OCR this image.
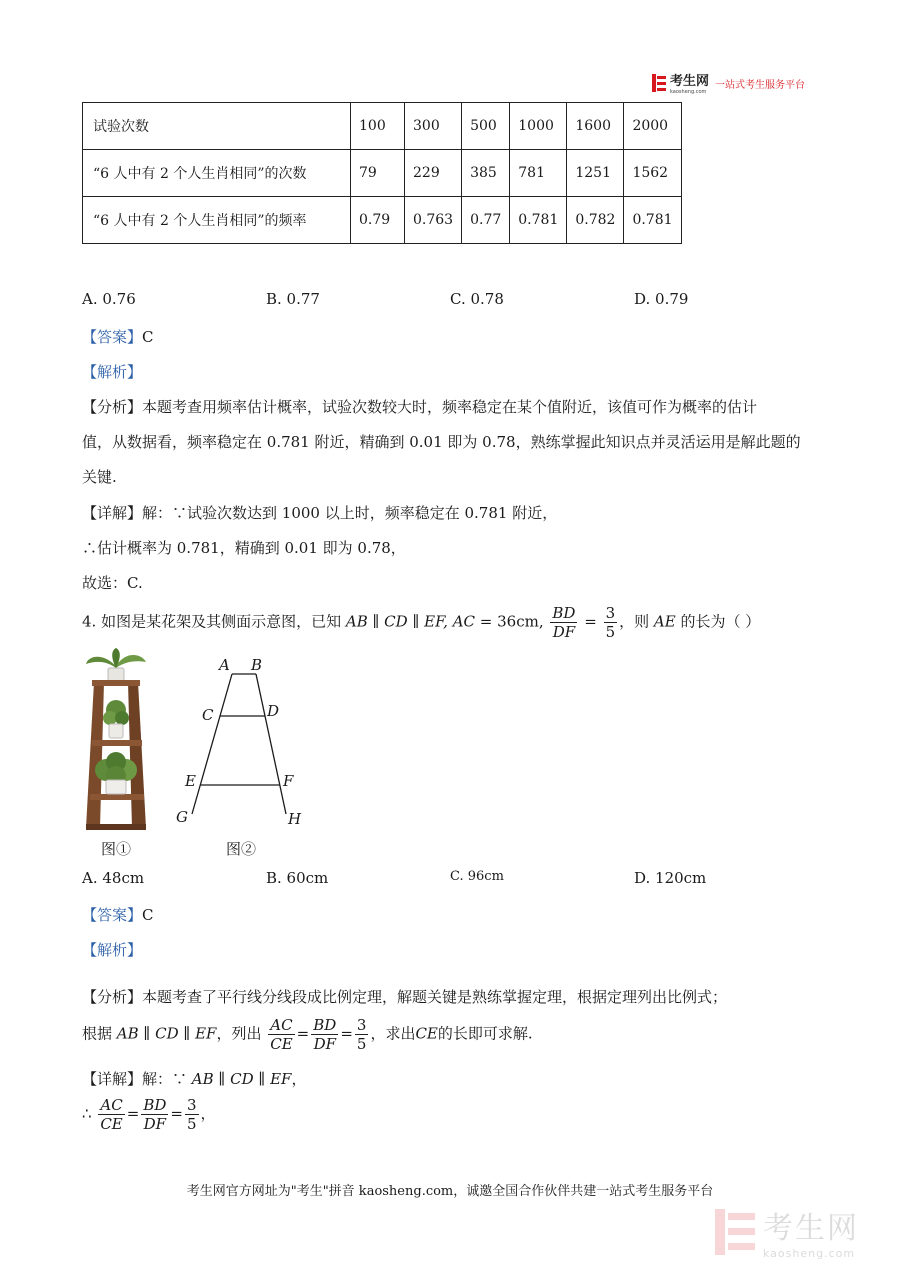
考生网
kaosheng.com
一站式考生服务平台
试验次数	100	300	500	1000	1600	2000
“6 人中有 2 个人生肖相同”的次数	79	229	385	781	1251	1562
“6 人中有 2 个人生肖相同”的频率	0.79	0.763	0.77	0.781	0.782	0.781
A. 0.76	B. 0.77	C. 0.78	D. 0.79
【答案】C
【解析】
【分析】本题考查用频率估计概率，试验次数较大时，频率稳定在某个值附近，该值可作为概率的估计
值，从数据看，频率稳定在 0.781 附近，精确到 0.01 即为 0.78，熟练掌握此知识点并灵活运用是解此题的
关键.
【详解】解：∵试验次数达到 1000 以上时，频率稳定在 0.781 附近，
∴估计概率为 0.781，精确到 0.01 即为 0.78，
故选：C.
4. 如图是某花架及其侧面示意图，已知 AB ∥ CD ∥ EF, AC = 36cm, $\frac{BD}{DF} = \frac{3}{5}$ ，则 AE 的长为（ ）
图①
A B
C	D
E	F
G	H
图②
A. 48cm	B. 60cm	C. 96cm	D. 120cm
【答案】C
【解析】
【分析】本题考查了平行线分线段成比例定理，解题关键是熟练掌握定理，根据定理列出比例式；
根据 AB ∥ CD ∥ EF，列出 $\frac{AC}{CE} = \frac{BD}{DF} = \frac{3}{5}$ ，求出CE的长即可求解.
【详解】解：∵ AB ∥ CD ∥ EF，
∴ $\frac{AC}{CE} = \frac{BD}{DF} = \frac{3}{5}$ ，
考生网官方网址为"考生"拼音 kaosheng.com，诚邀全国合作伙伴共建一站式考生服务平台
考生网
kaosheng.com
